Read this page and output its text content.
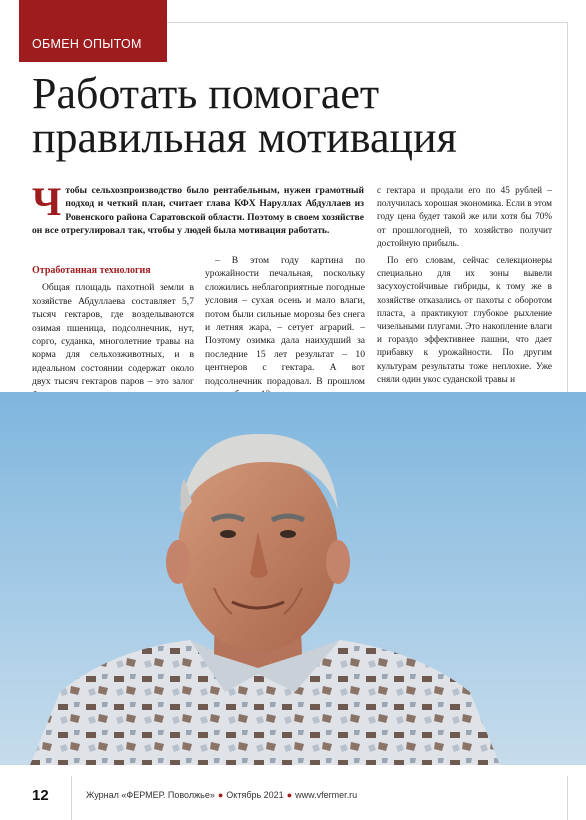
ОБМЕН ОПЫТОМ
Работать помогает
правильная мотивация

Чтобы сельхозпроизводство было рентабельным, нужен грамотный подход и четкий план, считает глава КФХ Наруллах Абдуллаев из Ровенского района Саратовской области. Поэтому в своем хозяйстве он все отрегулировал так, чтобы у людей была мотивация работать.

Отработанная технология

Общая площадь пахотной земли в хозяйстве Абдуллаева составляет 5,7 тысяч гектаров, где возделываются озимая пшеница, подсолнечник, нут, сорго, суданка, многолетние травы на корма для сельхозживотных, и в идеальном состоянии содержат около двух тысяч гектаров паров – это залог

– В этом году картина по урожайности печальная, поскольку сложились неблагоприятные погодные условия – сухая осень и мало влаги, потом были сильные морозы без снега и летняя жара, – сетует аграрий. – Поэтому озимка дала наихудший за последние 15 лет результат – 10 центнеров с гектара. А вот подсолнечник порадовал. В прошлом

с гектара и продали его по 45 рублей – получилась хорошая экономика. Если в этом году цена будет такой же или хотя бы 70% от прошлогодней, то хозяйство получит достойную прибыль.

По его словам, сейчас селекционеры специально для их зоны вывели засухоустойчивые гибриды, к тому же в хозяйстве отказались от пахоты с оборотом пласта, а практикуют глубокое рыхление чизельными плугами. Это накопление влаги и гораздо эффективнее пашни, что дает прибавку к урожайности. По другим культурам результаты тоже неплохие. Уже сняли один укос суданской травы и

12	Журнал «ФЕРМЕР. Поволжье» ● Октябрь 2021 ● www.vfermer.ru
